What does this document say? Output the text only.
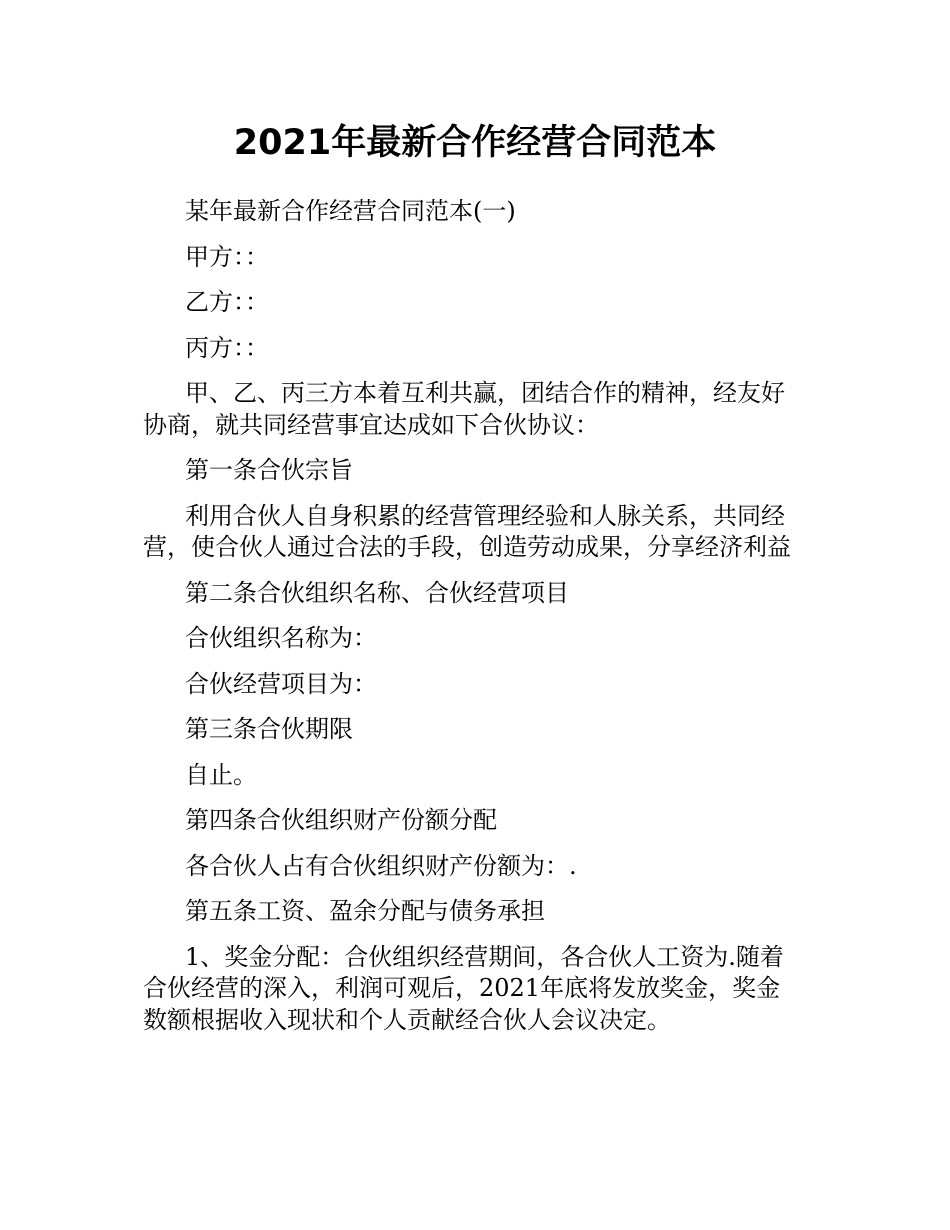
2021年最新合作经营合同范本

某年最新合作经营合同范本(一)

甲方：：

乙方：：

丙方：：

甲、乙、丙三方本着互利共赢，团结合作的精神，经友好
协商，就共同经营事宜达成如下合伙协议：

第一条合伙宗旨

利用合伙人自身积累的经营管理经验和人脉关系，共同经
营，使合伙人通过合法的手段，创造劳动成果，分享经济利益

第二条合伙组织名称、合伙经营项目

合伙组织名称为：

合伙经营项目为：

第三条合伙期限

自止。

第四条合伙组织财产份额分配

各合伙人占有合伙组织财产份额为：.

第五条工资、盈余分配与债务承担

1、奖金分配：合伙组织经营期间，各合伙人工资为.随着
合伙经营的深入，利润可观后，2021年底将发放奖金，奖金
数额根据收入现状和个人贡献经合伙人会议决定。
